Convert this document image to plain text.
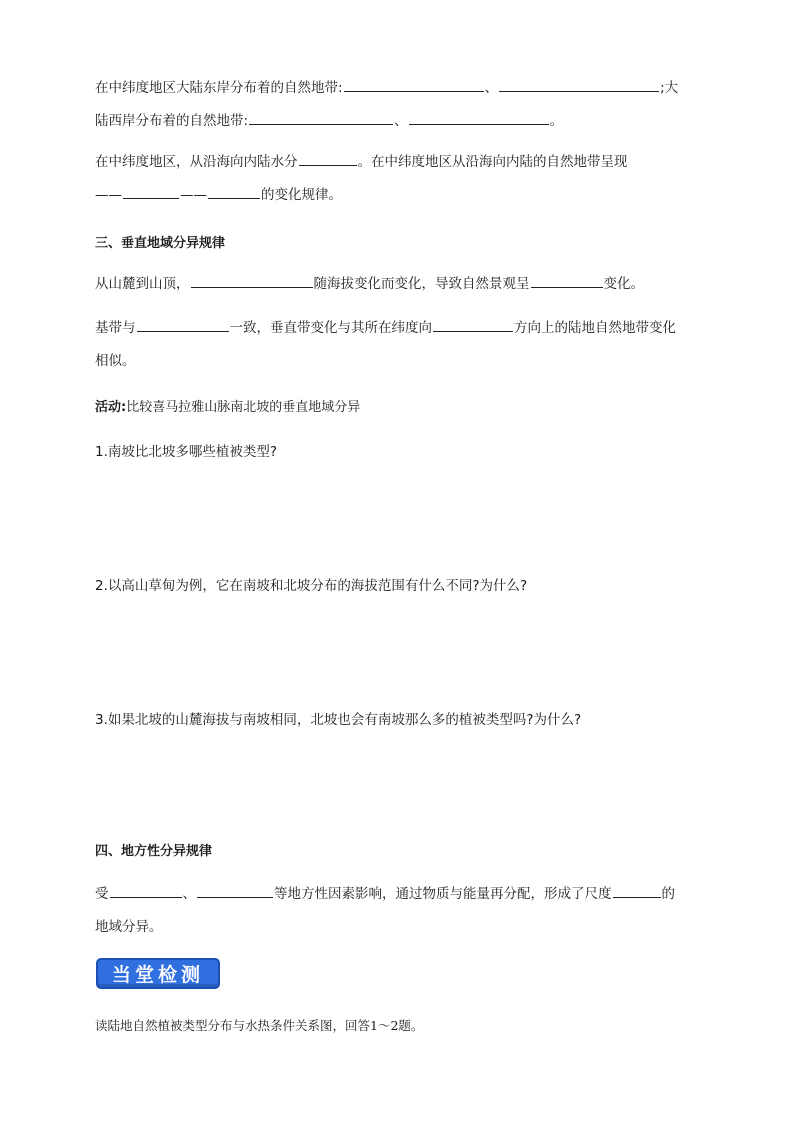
在中纬度地区大陆东岸分布着的自然地带:	、	;大
陆西岸分布着的自然地带:	、	。

在中纬度地区，从沿海向内陆水分	。在中纬度地区从沿海向内陆的自然地带呈现
——	——	的变化规律。

三、垂直地域分异规律

从山麓到山顶，	随海拔变化而变化，导致自然景观呈	变化。

基带与	一致，垂直带变化与其所在纬度向	方向上的陆地自然地带变化
相似。

活动:比较喜马拉雅山脉南北坡的垂直地域分异

1.南坡比北坡多哪些植被类型?

2.以高山草甸为例，它在南坡和北坡分布的海拔范围有什么不同?为什么?

3.如果北坡的山麓海拔与南坡相同，北坡也会有南坡那么多的植被类型吗?为什么?

四、地方性分异规律

受	、	等地方性因素影响，通过物质与能量再分配，形成了尺度	的
地域分异。

当堂检测

读陆地自然植被类型分布与水热条件关系图，回答1～2题。
